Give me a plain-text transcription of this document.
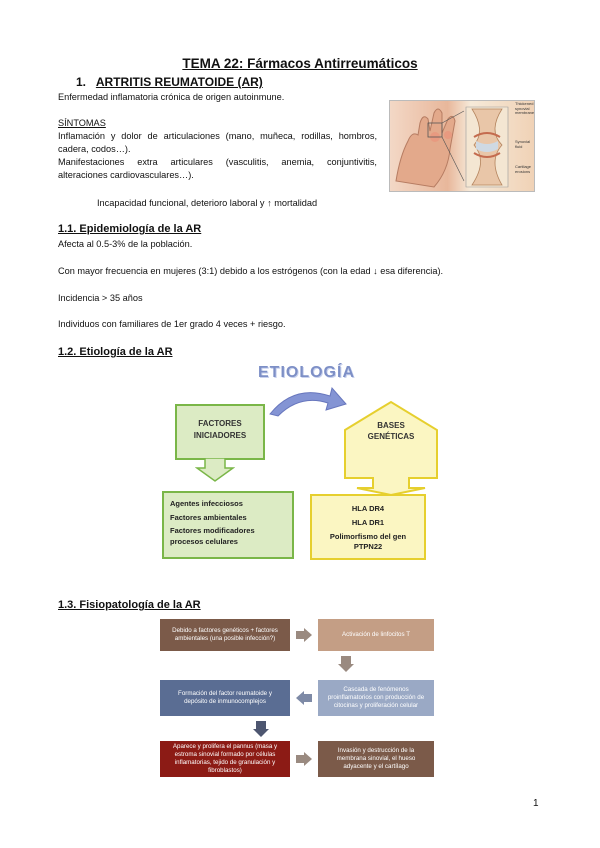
TEMA 22: Fármacos Antirreumáticos
1. ARTRITIS REUMATOIDE (AR)
Enfermedad inflamatoria crónica de origen autoinmune.
SÍNTOMAS
Inflamación y dolor de articulaciones (mano, muñeca, rodillas, hombros, cadera, codos…).
Manifestaciones extra articulares (vasculitis, anemia, conjuntivitis, alteraciones cardiovasculares…).
Incapacidad funcional, deterioro laboral y ↑ mortalidad
Thickened synovial membrane
Synovial fluid
Cartilage erosions
1.1. Epidemiología de la AR
Afecta al 0.5-3% de la población.
Con mayor frecuencia en mujeres (3:1) debido a los estrógenos (con la edad ↓ esa diferencia).
Incidencia > 35 años
Individuos con familiares de 1er grado 4 veces + riesgo.
1.2. Etiología de la AR
ETIOLOGÍA
FACTORES
INICIADORES
BASES
GENÉTICAS
Agentes infecciosos
Factores ambientales
Factores modificadores procesos celulares
HLA DR4
HLA DR1
Polimorfismo del gen PTPN22
1.3. Fisiopatología de la AR
Debido a factores genéticos + factores ambientales (una posible infección?)
Activación de linfocitos T
Cascada de fenómenos proinflamatorios con producción de citocinas y proliferación celular
Formación del factor reumatoide y depósito de inmunocomplejos
Aparece y prolifera el pannus (masa y estroma sinovial formado por células inflamatorias, tejido de granulación y fibroblastos)
Invasión y destrucción de la membrana sinovial, el hueso adyacente y el cartílago
1
